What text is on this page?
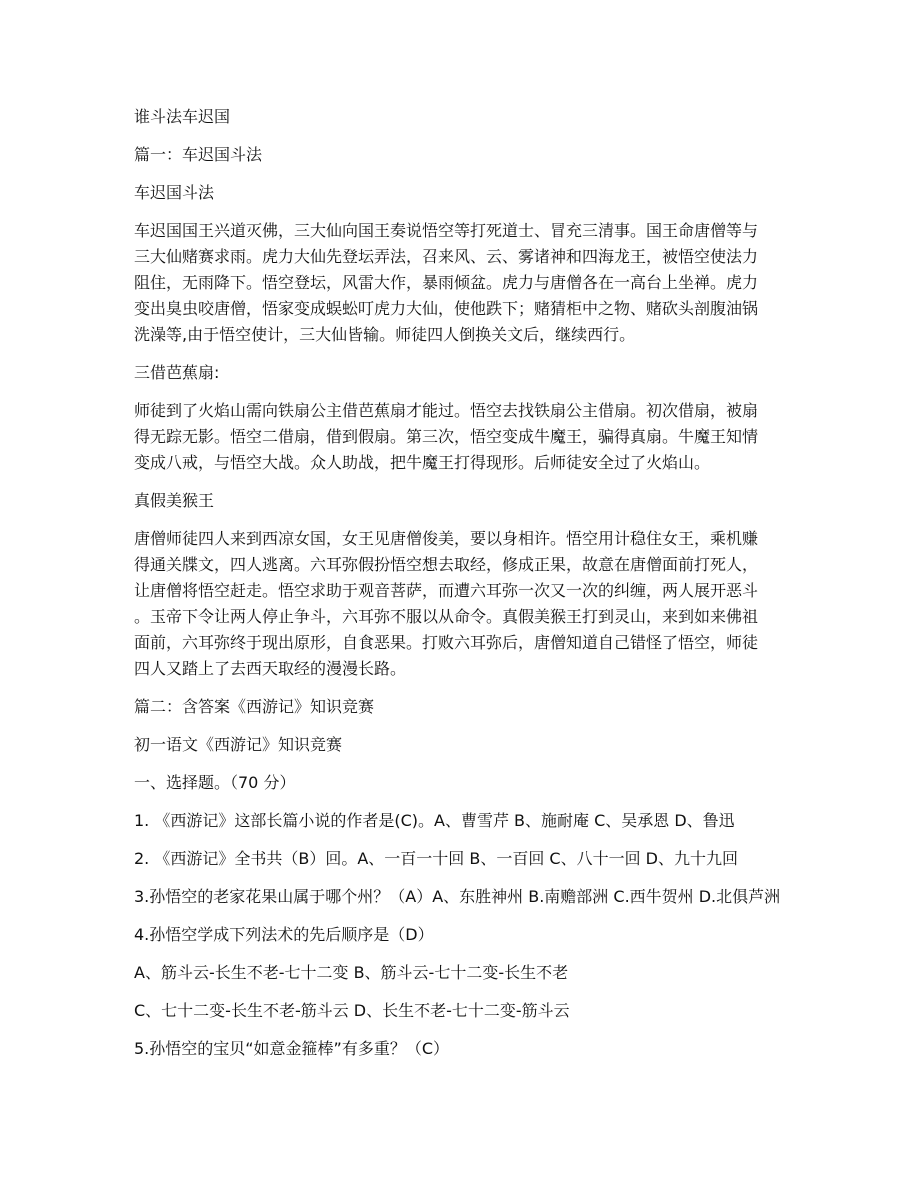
谁斗法车迟国
篇一：车迟国斗法
车迟国斗法
车迟国国王兴道灭佛，三大仙向国王奏说悟空等打死道士、冒充三清事。国王命唐僧等与
三大仙赌赛求雨。虎力大仙先登坛弄法，召来风、云、雾诸神和四海龙王，被悟空使法力
阻住，无雨降下。悟空登坛，风雷大作，暴雨倾盆。虎力与唐僧各在一高台上坐禅。虎力
变出臭虫咬唐僧，悟家变成蜈蚣叮虎力大仙，使他跌下；赌猜柜中之物、赌砍头剖腹油锅
洗澡等,由于悟空使计，三大仙皆输。师徒四人倒换关文后，继续西行。
三借芭蕉扇:
师徒到了火焰山需向铁扇公主借芭蕉扇才能过。悟空去找铁扇公主借扇。初次借扇，被扇
得无踪无影。悟空二借扇，借到假扇。第三次，悟空变成牛魔王，骗得真扇。牛魔王知情
变成八戒，与悟空大战。众人助战，把牛魔王打得现形。后师徒安全过了火焰山。
真假美猴王
唐僧师徒四人来到西凉女国，女王见唐僧俊美，要以身相许。悟空用计稳住女王，乘机赚
得通关牒文，四人逃离。六耳弥假扮悟空想去取经，修成正果，故意在唐僧面前打死人，
让唐僧将悟空赶走。悟空求助于观音菩萨，而遭六耳弥一次又一次的纠缠，两人展开恶斗
。玉帝下令让两人停止争斗，六耳弥不服以从命令。真假美猴王打到灵山，来到如来佛祖
面前，六耳弥终于现出原形，自食恶果。打败六耳弥后，唐僧知道自己错怪了悟空，师徒
四人又踏上了去西天取经的漫漫长路。
篇二：含答案《西游记》知识竞赛
初一语文《西游记》知识竞赛
一、选择题。（70 分）
1. 《西游记》这部长篇小说的作者是(C)。A、曹雪芹 B、施耐庵 C、吴承恩 D、鲁迅
2. 《西游记》全书共（B）回。A、一百一十回 B、一百回 C、八十一回 D、九十九回
3.孙悟空的老家花果山属于哪个州？（A）A、东胜神州 B.南赡部洲 C.西牛贺州 D.北俱芦洲
4.孙悟空学成下列法术的先后顺序是（D）
A、筋斗云-长生不老-七十二变 B、筋斗云-七十二变-长生不老
C、七十二变-长生不老-筋斗云 D、长生不老-七十二变-筋斗云
5.孙悟空的宝贝“如意金箍棒”有多重？（C）
